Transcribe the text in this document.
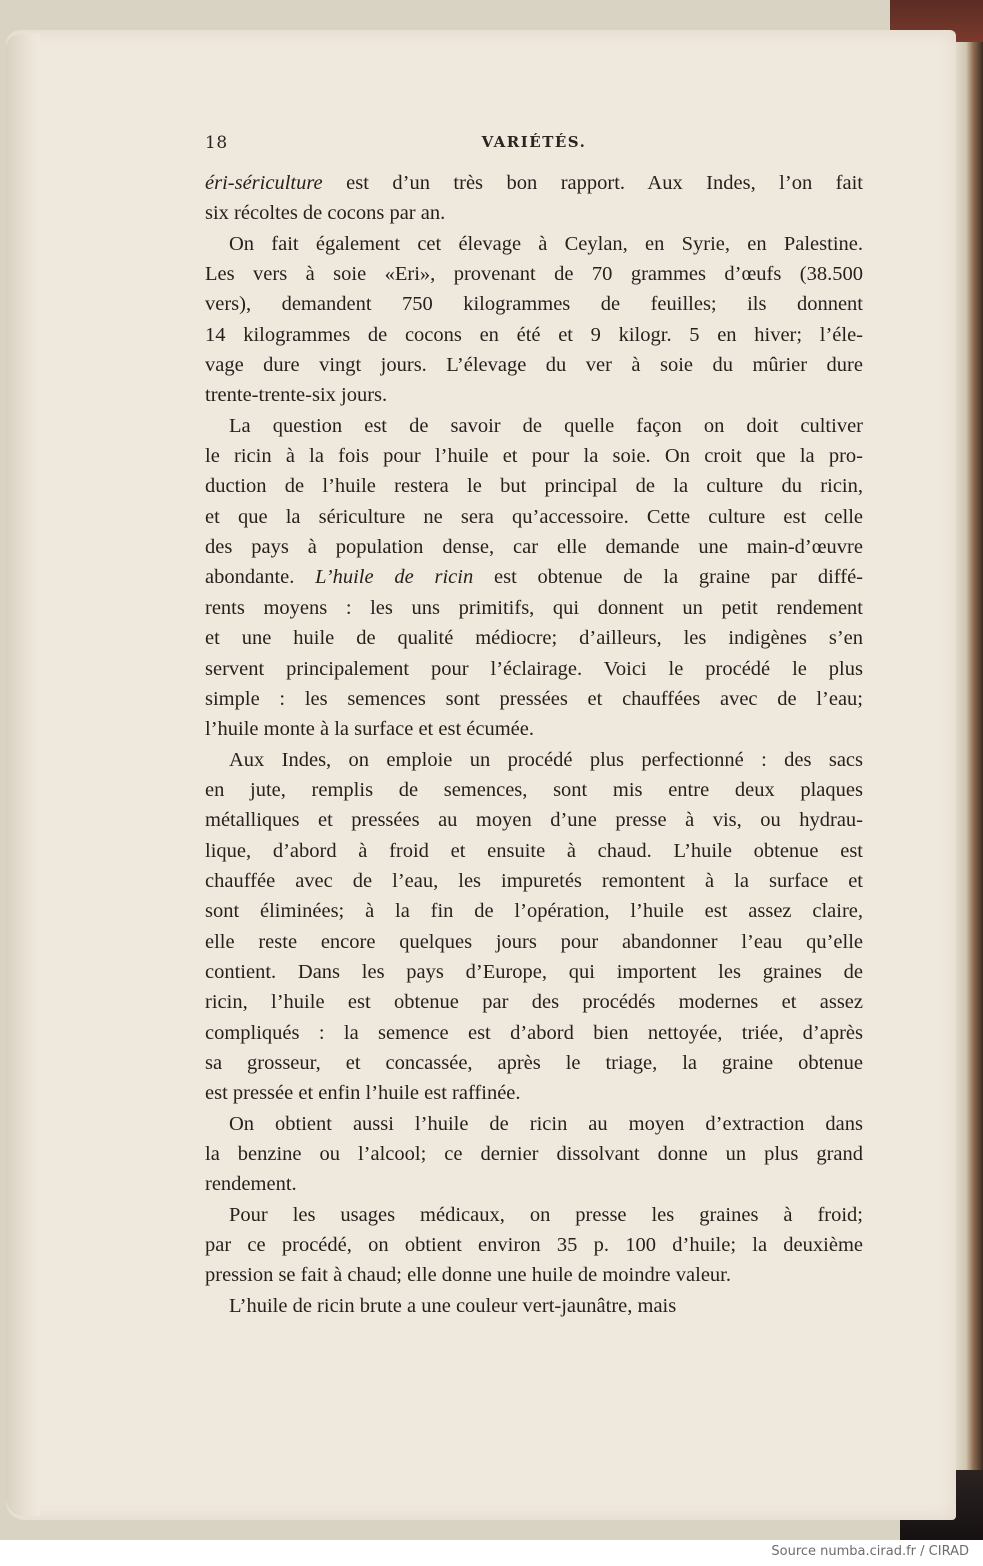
18	VARIÉTÉS.

éri-sériculture est d’un très bon rapport. Aux Indes, l’on fait
six récoltes de cocons par an.

On fait également cet élevage à Ceylan, en Syrie, en Palestine.
Les vers à soie «Eri», provenant de 70 grammes d’œufs (38.500
vers), demandent 750 kilogrammes de feuilles; ils donnent
14 kilogrammes de cocons en été et 9 kilogr. 5 en hiver; l’éle-
vage dure vingt jours. L’élevage du ver à soie du mûrier dure
trente-trente-six jours.

La question est de savoir de quelle façon on doit cultiver
le ricin à la fois pour l’huile et pour la soie. On croit que la pro-
duction de l’huile restera le but principal de la culture du ricin,
et que la sériculture ne sera qu’accessoire. Cette culture est celle
des pays à population dense, car elle demande une main-d’œuvre
abondante. L’huile de ricin est obtenue de la graine par diffé-
rents moyens : les uns primitifs, qui donnent un petit rendement
et une huile de qualité médiocre; d’ailleurs, les indigènes s’en
servent principalement pour l’éclairage. Voici le procédé le plus
simple : les semences sont pressées et chauffées avec de l’eau;
l’huile monte à la surface et est écumée.

Aux Indes, on emploie un procédé plus perfectionné : des sacs
en jute, remplis de semences, sont mis entre deux plaques
métalliques et pressées au moyen d’une presse à vis, ou hydrau-
lique, d’abord à froid et ensuite à chaud. L’huile obtenue est
chauffée avec de l’eau, les impuretés remontent à la surface et
sont éliminées; à la fin de l’opération, l’huile est assez claire,
elle reste encore quelques jours pour abandonner l’eau qu’elle
contient. Dans les pays d’Europe, qui importent les graines de
ricin, l’huile est obtenue par des procédés modernes et assez
compliqués : la semence est d’abord bien nettoyée, triée, d’après
sa grosseur, et concassée, après le triage, la graine obtenue
est pressée et enfin l’huile est raffinée.

On obtient aussi l’huile de ricin au moyen d’extraction dans
la benzine ou l’alcool; ce dernier dissolvant donne un plus grand
rendement.

Pour les usages médicaux, on presse les graines à froid;
par ce procédé, on obtient environ 35 p. 100 d’huile; la deuxième
pression se fait à chaud; elle donne une huile de moindre valeur.

L’huile de ricin brute a une couleur vert-jaunâtre, mais

Source numba.cirad.fr / CIRAD
